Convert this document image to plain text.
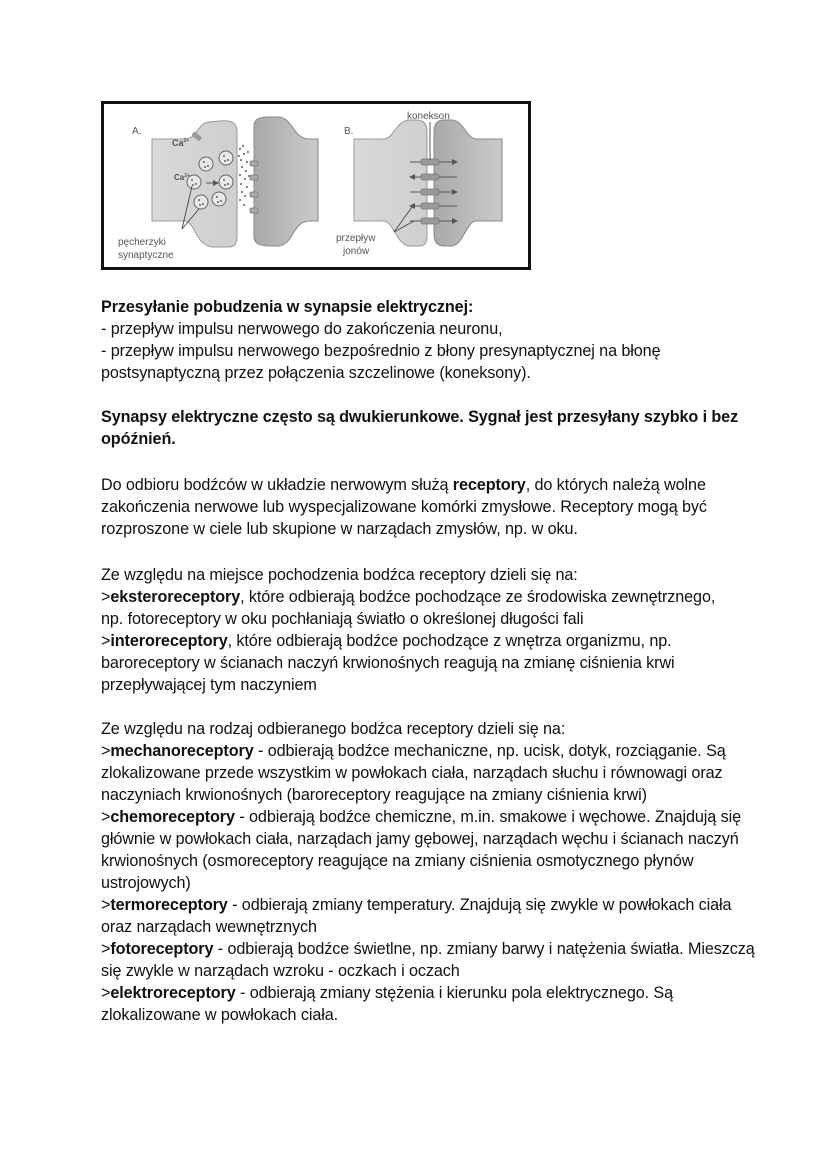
A.
$Ca^{2+}$
$Ca^{2+}$
pęcherzyki
synaptyczne
B.
konekson
przepływ
jonów

Przesyłanie pobudzenia w synapsie elektrycznej:

- przepływ impulsu nerwowego do zakończenia neuronu,

- przepływ impulsu nerwowego bezpośrednio z błony presynaptycznej na błonę postsynaptyczną przez połączenia szczelinowe (koneksony).

Synapsy elektryczne często są dwukierunkowe. Sygnał jest przesyłany szybko i bez opóźnień.

Do odbioru bodźców w układzie nerwowym służą receptory, do których należą wolne zakończenia nerwowe lub wyspecjalizowane komórki zmysłowe. Receptory mogą być rozproszone w ciele lub skupione w narządach zmysłów, np. w oku.

Ze względu na miejsce pochodzenia bodźca receptory dzieli się na:

>eksteroreceptory, które odbierają bodźce pochodzące ze środowiska zewnętrznego, np. fotoreceptory w oku pochłaniają światło o określonej długości fali

>interoreceptory, które odbierają bodźce pochodzące z wnętrza organizmu, np. baroreceptory w ścianach naczyń krwionośnych reagują na zmianę ciśnienia krwi przepływającej tym naczyniem

Ze względu na rodzaj odbieranego bodźca receptory dzieli się na:

>mechanoreceptory - odbierają bodźce mechaniczne, np. ucisk, dotyk, rozciąganie. Są zlokalizowane przede wszystkim w powłokach ciała, narządach słuchu i równowagi oraz naczyniach krwionośnych (baroreceptory reagujące na zmiany ciśnienia krwi)

>chemoreceptory - odbierają bodźce chemiczne, m.in. smakowe i węchowe. Znajdują się głównie w powłokach ciała, narządach jamy gębowej, narządach węchu i ścianach naczyń krwionośnych (osmoreceptory reagujące na zmiany ciśnienia osmotycznego płynów ustrojowych)

>termoreceptory - odbierają zmiany temperatury. Znajdują się zwykle w powłokach ciała oraz narządach wewnętrznych

>fotoreceptory - odbierają bodźce świetlne, np. zmiany barwy i natężenia światła. Mieszczą się zwykle w narządach wzroku - oczkach i oczach

>elektroreceptory - odbierają zmiany stężenia i kierunku pola elektrycznego. Są zlokalizowane w powłokach ciała.
